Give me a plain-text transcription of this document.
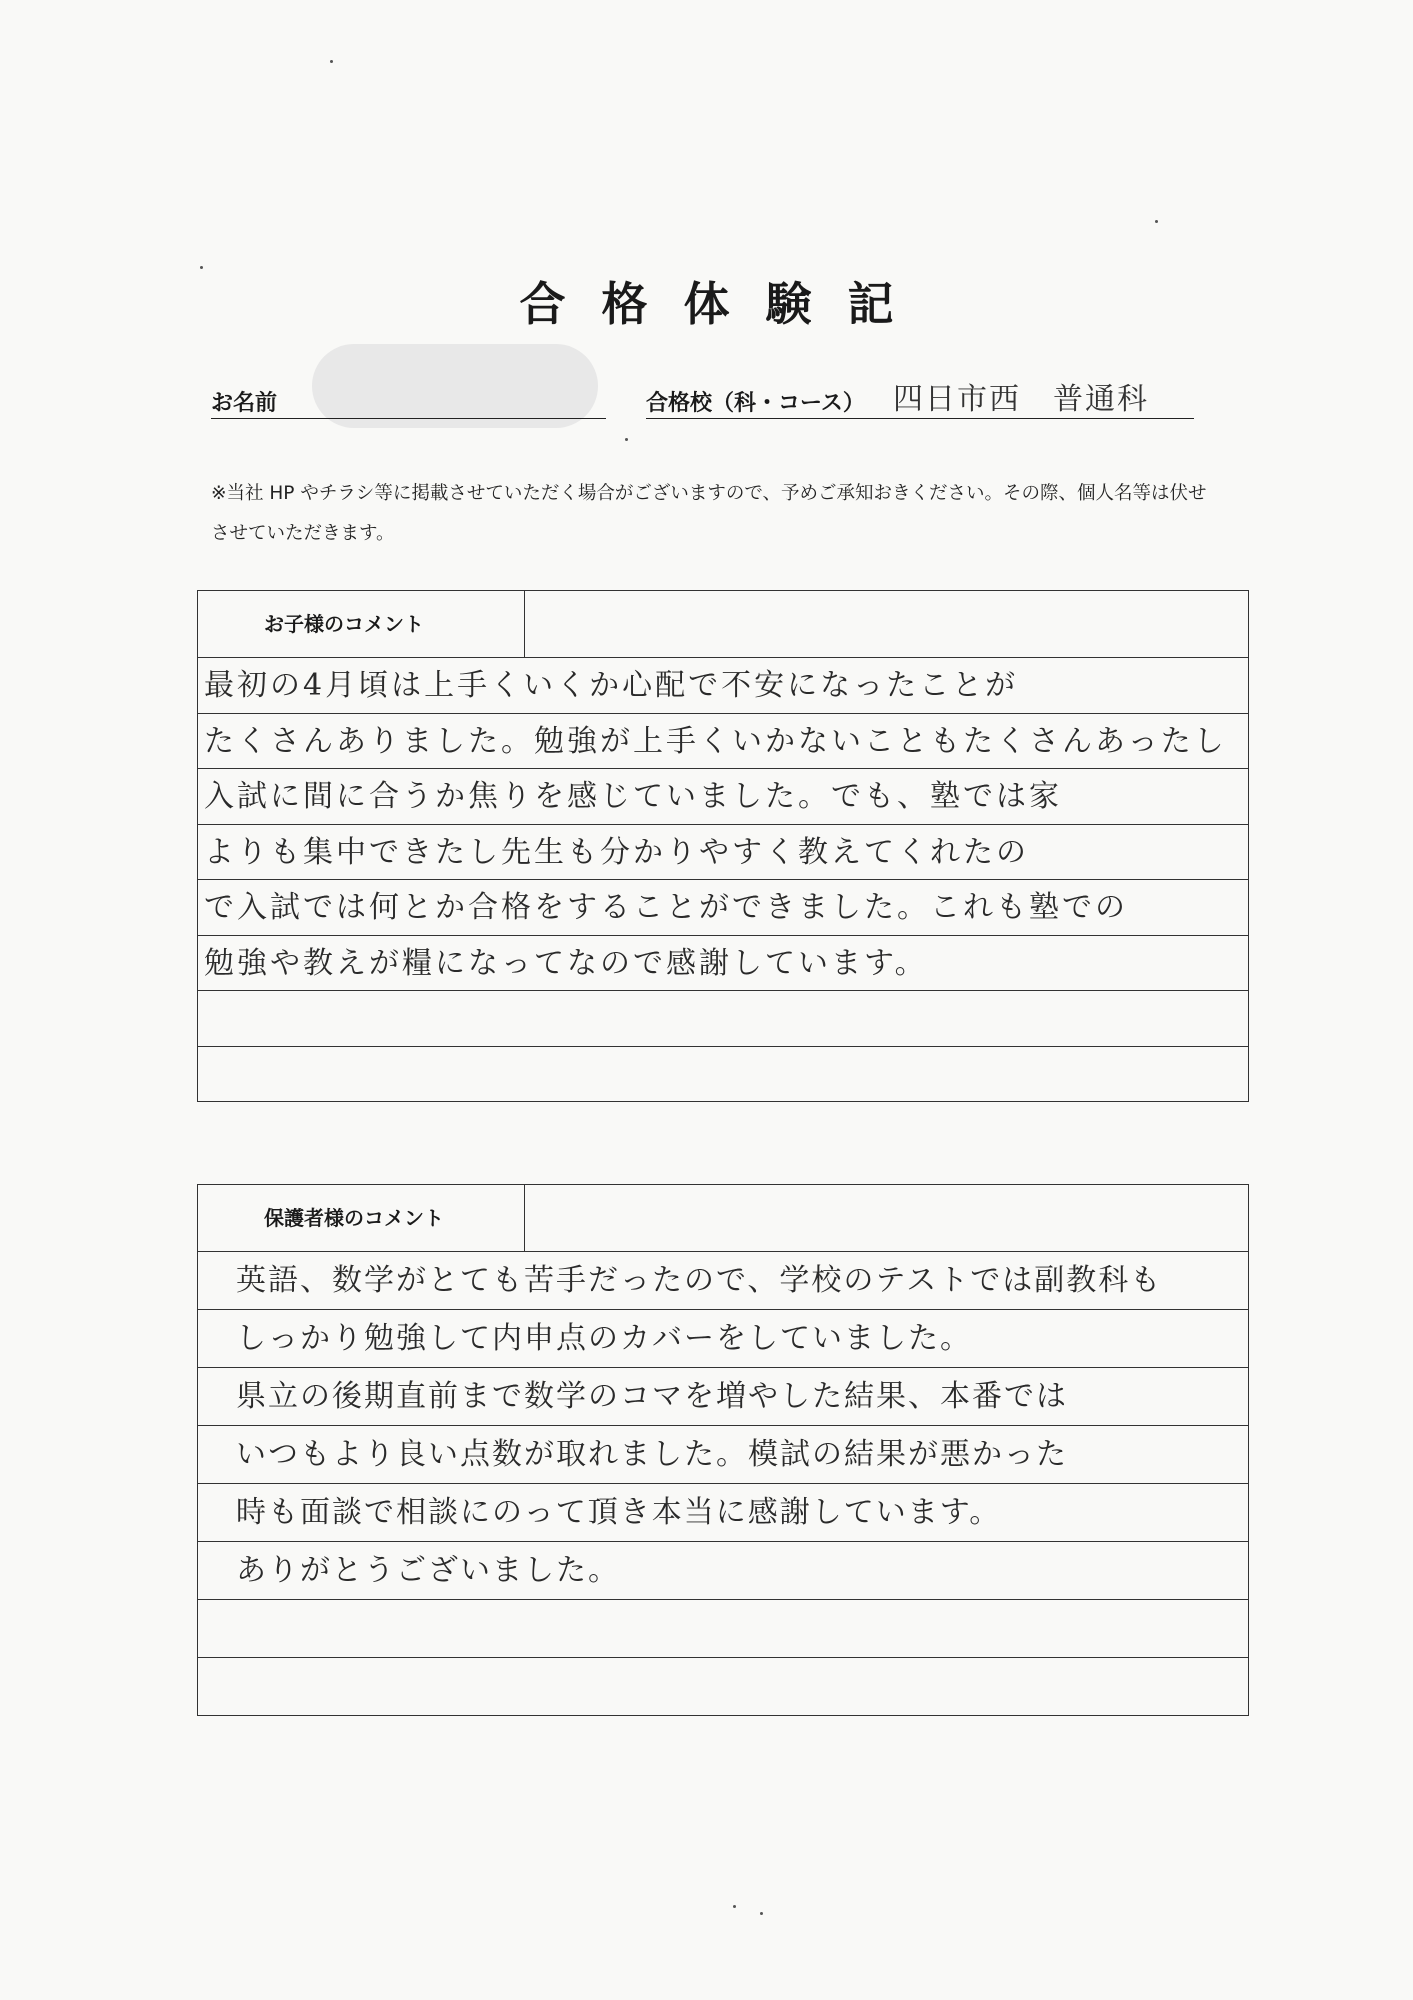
合格体験記
お名前	合格校（科・コース） 四日市西　普通科
※当社 HP やチラシ等に掲載させていただく場合がございますので、予めご承知おきください。その際、個人名等は伏せさせていただきます。
お子様のコメント
最初の4月頃は上手くいくか心配で不安になったことが
たくさんありました。勉強が上手くいかないこともたくさんあったし
入試に間に合うか焦りを感じていました。でも、塾では家
よりも集中できたし先生も分かりやすく教えてくれたの
で入試では何とか合格をすることができました。これも塾での
勉強や教えが糧になってなので感謝しています。
保護者様のコメント
英語、数学がとても苦手だったので、学校のテストでは副教科も
しっかり勉強して内申点のカバーをしていました。
県立の後期直前まで数学のコマを増やした結果、本番では
いつもより良い点数が取れました。模試の結果が悪かった
時も面談で相談にのって頂き本当に感謝しています。
ありがとうございました。
